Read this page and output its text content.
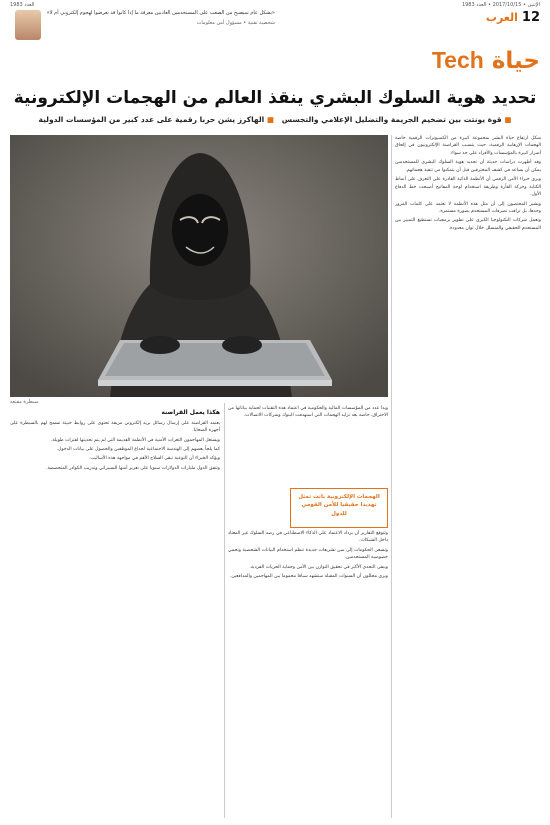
الإثنين • 2017/10/15 • العدد 1983
العدد 1983
12
العرب
حياة Tech
«بشكل عام سيصبح من الصعب على المستخدمين العاديين معرفة ما إذا كانوا قد تعرضوا لهجوم إلكتروني أم لا»
شخصية تقنية • مسؤول أمن معلومات
تحديد هوية السلوك البشري ينقذ العالم من الهجمات الإلكترونية
■ قوة يونتت بين تضخيم الجريمة والتضليل الإعلامي والتجسس   ■ الهاكرز يشن حربا رقمية على عدد كبير من المؤسسات الدولية
سيطرة مقنعة

شكل ارتفاع حياة البشر بمجموعة كبيرة من الكمبيوترات الرقمية خاصة الهجمات الإرهابية الرقمية، حيث يتسبب القراصنة الإلكترونيون في إلحاق أضرار كبيرة بالمؤسسات والأفراد على حد سواء.

وقد أظهرت دراسات حديثة أن تحديد هوية السلوك البشري للمستخدمين يمكن أن يساعد في كشف المخترقين قبل أن يتمكنوا من تنفيذ هجماتهم.

ويرى خبراء الأمن الرقمي أن الأنظمة الذكية القادرة على التعرف على أنماط الكتابة وحركة الفأرة وطريقة استخدام لوحة المفاتيح أصبحت خط الدفاع الأول.

ويشير المختصون إلى أن مثل هذه الأنظمة لا تعتمد على كلمات المرور وحدها، بل تراقب تصرفات المستخدم بصورة مستمرة.

وتعمل شركات التكنولوجيا الكبرى على تطوير برمجيات تستطيع التمييز بين المستخدم الحقيقي والمتسلل خلال ثوان معدودة.

وبدأ عدد من المؤسسات المالية والحكومية في اعتماد هذه التقنيات لحماية بياناتها من الاختراق، خاصة بعد تزايد الهجمات التي استهدفت البنوك وشركات الاتصالات.

الهجمات الإلكترونية باتت تمثل تهديدا حقيقيا للأمن القومي للدول
هكذا يعمل القراصنة

يعتمد القراصنة على إرسال رسائل بريد إلكتروني مزيفة تحتوي على روابط خبيثة تسمح لهم بالسيطرة على أجهزة الضحايا.

ويستغل المهاجمون الثغرات الأمنية في الأنظمة القديمة التي لم يتم تحديثها لفترات طويلة.

كما يلجأ بعضهم إلى الهندسة الاجتماعية لخداع الموظفين والحصول على بيانات الدخول.

ويؤكد الخبراء أن التوعية تبقى السلاح الأهم في مواجهة هذه الأساليب.

وتنفق الدول مليارات الدولارات سنويا على تعزيز أمنها السيبراني وتدريب الكوادر المتخصصة.

وتتوقع التقارير أن يزداد الاعتماد على الذكاء الاصطناعي في رصد السلوك غير المعتاد داخل الشبكات.

وتسعى الحكومات إلى سن تشريعات جديدة تنظم استخدام البيانات الشخصية وتحمي خصوصية المستخدمين.

ويبقى التحدي الأكبر في تحقيق التوازن بين الأمن وحماية الحريات الفردية.

ويرى محللون أن السنوات المقبلة ستشهد سباقا محموما بين المهاجمين والمدافعين.
